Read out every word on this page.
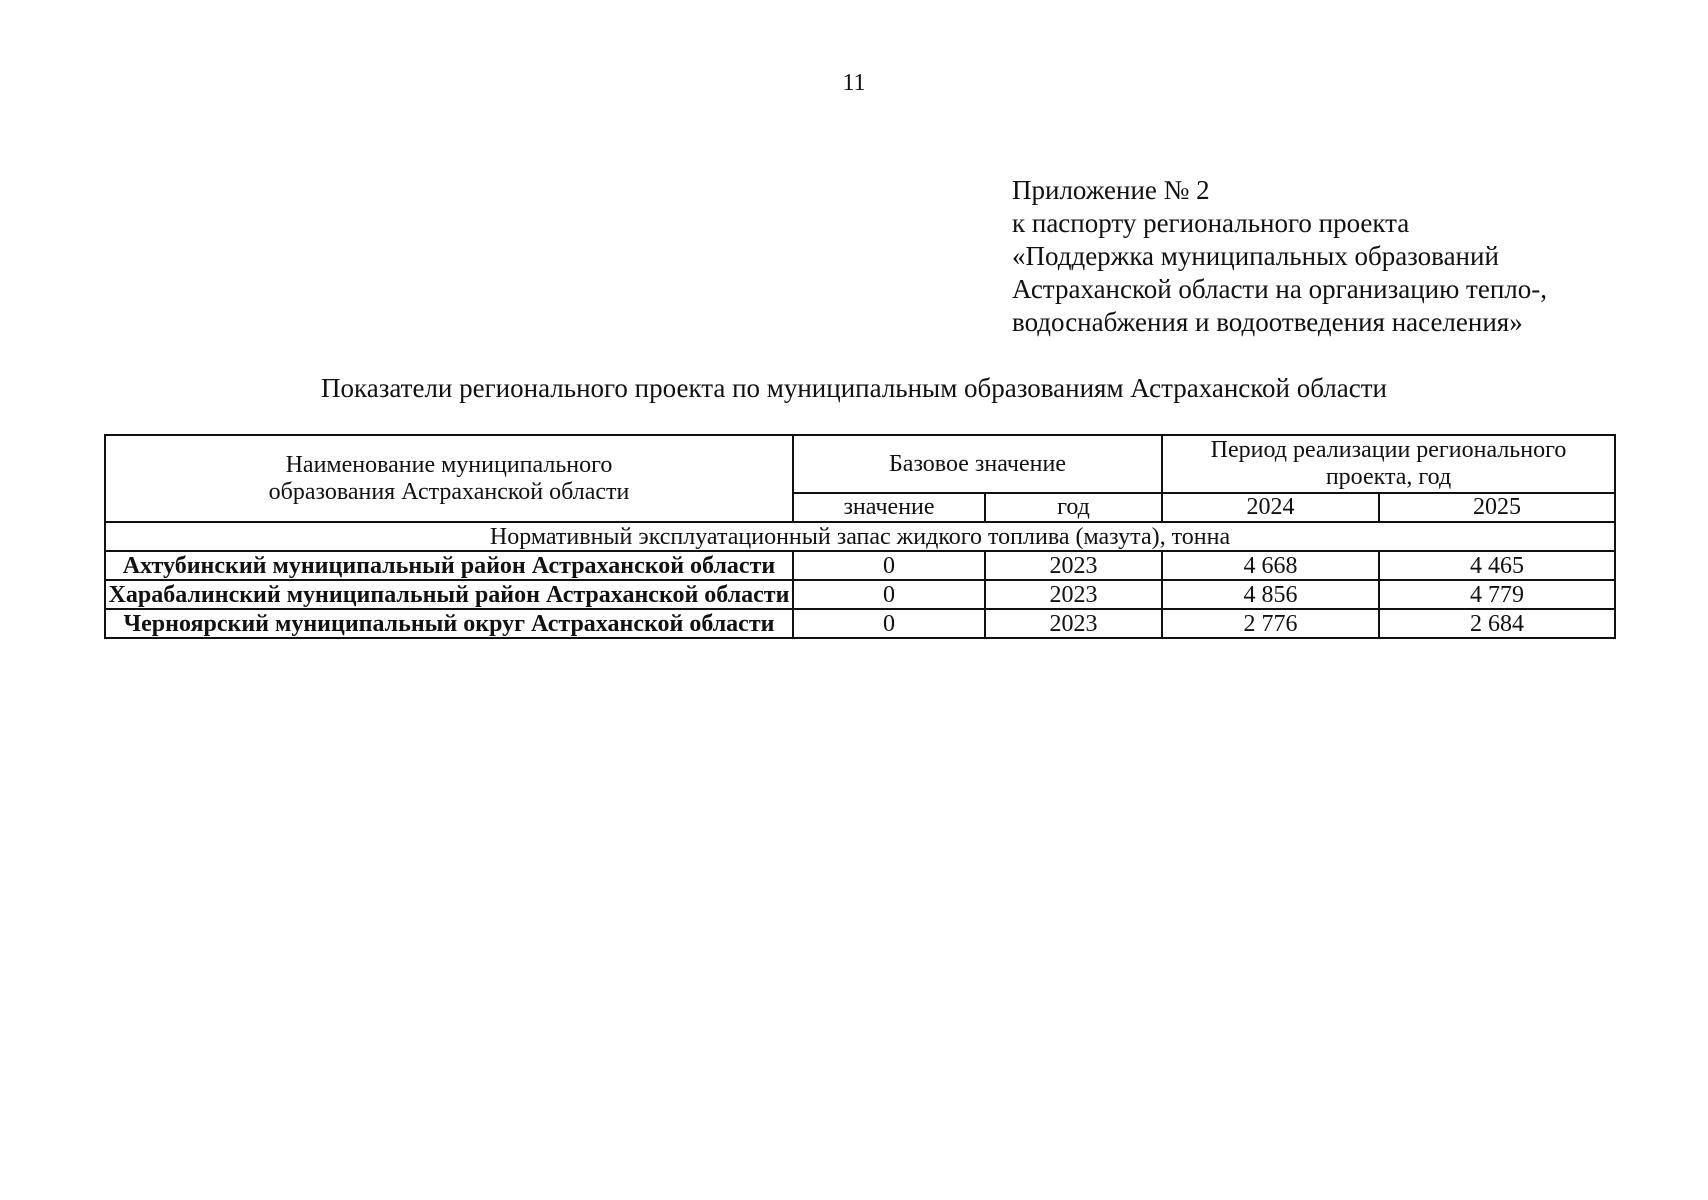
11
Приложение № 2
к паспорту регионального проекта
«Поддержка муниципальных образований
Астраханской области на организацию тепло-,
водоснабжения и водоотведения населения»
Показатели регионального проекта по муниципальным образованиям Астраханской области
Наименование муниципального образования Астраханской области	Базовое значение		Период реализации регионального проекта, год	
	значение	год	2024	2025
Нормативный эксплуатационный запас жидкого топлива (мазута), тонна				
Ахтубинский муниципальный район Астраханской области	0	2023	4 668	4 465
Харабалинский муниципальный район Астраханской области	0	2023	4 856	4 779
Черноярский муниципальный округ Астраханской области	0	2023	2 776	2 684
